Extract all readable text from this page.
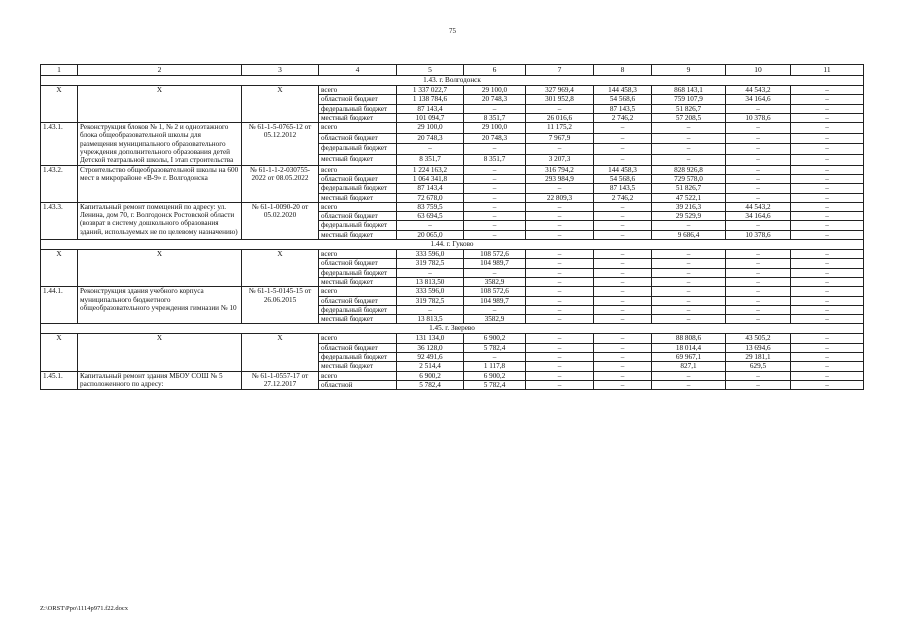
75
1	2	3	4	5	6	7	8	9	10	11
1.43. г. Волгодонск										
X	X	X	всего	1 337 022,7	29 100,0	327 969,4	144 458,3	868 143,1	44 543,2	–
			областной бюджет	1 138 784,6	20 748,3	301 952,8	54 568,6	759 107,9	34 164,6	–
			федеральный бюджет	87 143,4	–	–	87 143,5	51 826,7	–	–
			местный бюджет	101 094,7	8 351,7	26 016,6	2 746,2	57 208,5	10 378,6	–
1.43.1.	Реконструкция блоков № 1, № 2 и одноэтажного блока общеобразовательной школы для размещения муниципального образовательного учреждения дополнительного образования детей Детской театральной школы, I этап строительства	№ 61-1-5-0765-12 от 05.12.2012	всего	29 100,0	29 100,0	11 175,2	–	–	–	–
			областной бюджет	20 748,3	20 748,3	7 967,9	–	–	–	–
			федеральный бюджет	–	–	–	–	–	–	–
			местный бюджет	8 351,7	8 351,7	3 207,3	–	–	–	–
1.43.2.	Строительство общеобразовательной школы на 600 мест в микрорайоне «В-9» г. Волгодонска	№ 61-1-1-2-030755-2022 от 08.05.2022	всего	1 224 163,2	–	316 794,2	144 458,3	828 926,8	–	–
			областной бюджет	1 064 341,8	–	293 984,9	54 568,6	729 578,0	–	–
			федеральный бюджет	87 143,4	–	–	87 143,5	51 826,7	–	–
			местный бюджет	72 678,0	–	22 809,3	2 746,2	47 522,1	–	–
1.43.3.	Капитальный ремонт помещений по адресу: ул. Ленина, дом 70, г. Волгодонск Ростовской области (возврат в систему дошкольного образования зданий, используемых не по целевому назначению)	№ 61-1-0090-20 от 05.02.2020	всего	83 759,5	–	–	–	39 216,3	44 543,2	–
			областной бюджет	63 694,5	–	–	–	29 529,9	34 164,6	–
			федеральный бюджет	–	–	–	–	–	–	–
			местный бюджет	20 065,0	–	–	–	9 686,4	10 378,6	–
1.44. г. Гуково										
X	X	X	всего	333 596,0	108 572,6	–	–	–	–	–
			областной бюджет	319 782,5	104 989,7	–	–	–	–	–
			федеральный бюджет	–	–	–	–	–	–	–
			местный бюджет	13 813,50	3582,9	–	–	–	–	–
1.44.1.	Реконструкция здания учебного корпуса муниципального бюджетного общеобразовательного учреждения гимназии № 10	№ 61-1-5-0145-15 от 26.06.2015	всего	333 596,0	108 572,6	–	–	–	–	–
			областной бюджет	319 782,5	104 989,7	–	–	–	–	–
			федеральный бюджет	–	–	–	–	–	–	–
			местный бюджет	13 813,5	3582,9	–	–	–	–	–
1.45. г. Зверево										
X	X	X	всего	131 134,0	6 900,2	–	–	88 808,6	43 505,2	–
			областной бюджет	36 128,0	5 782,4	–	–	18 014,4	13 694,6	–
			федеральный бюджет	92 491,6	–	–	–	69 967,1	29 181,1	–
			местный бюджет	2 514,4	1 117,8	–	–	827,1	629,5	–
1.45.1.	Капитальный ремонт здания МБОУ СОШ № 5 расположенного по адресу:	№ 61-1-0557-17 от 27.12.2017	всего	6 900,2	6 900,2	–	–	–	–	–
			областной	5 782,4	5 782,4	–	–	–	–	–
Z:\ORST\Ppo\1114p971.f22.docx
